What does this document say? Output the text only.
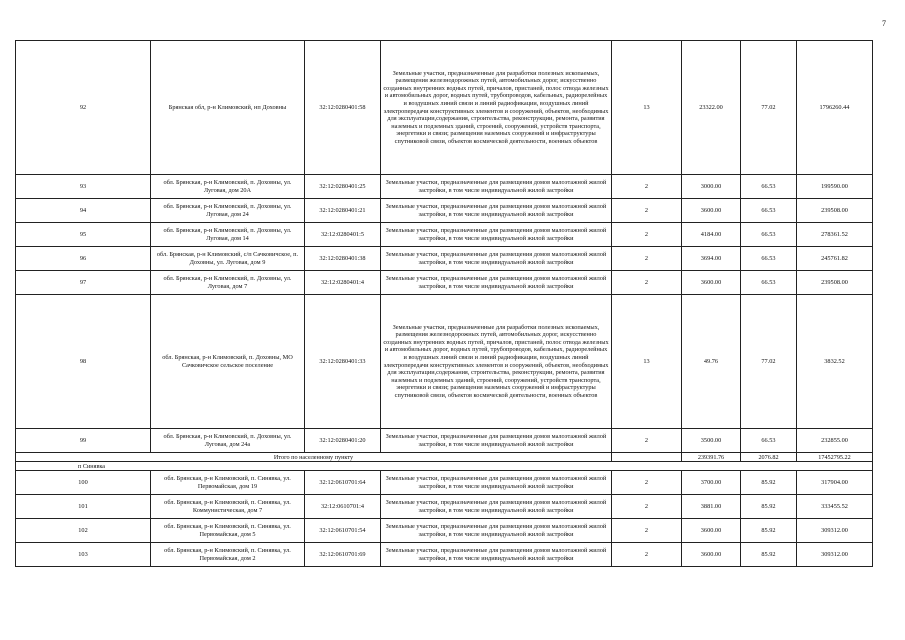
7
92	Брянская обл, р-н Климовский, нп Доховны	32:12:0280401:58	Земельные участки, предназначенные для разработки полезных ископаемых, размещения железнодорожных путей, автомобильных дорог, искусственно созданных внутренних водных путей, причалов, пристаней, полос отвода железных и автомобильных дорог, водных путей, трубопроводов, кабельных, радиорелейных и воздушных линий связи и линий радиофикации, воздушных линий электропередачи конструктивных элементов и сооружений, объектов, необходимых для эксплуатации,содержания, строительства, реконструкции, ремонта, развития наземных и подземных зданий, строений, сооружений, устройств транспорта, энергетики и связи; размещения наземных сооружений и инфраструктуры спутниковой связи, объектов космической деятельности, военных объектов	13	23322.00	77.02	1796260.44
93	обл. Брянская, р-н Климовский, п. Доховны, ул. Луговая, дом 20А	32:12:0280401:25	Земельные участки, предназначенные для размещения домов малоэтажной жилой застройки, в том числе индивидуальной жилой застройки	2	3000.00	66.53	199590.00
94	обл. Брянская, р-н Климовский, п. Доховны, ул. Луговая, дом 24	32:12:0280401:21	Земельные участки, предназначенные для размещения домов малоэтажной жилой застройки, в том числе индивидуальной жилой застройки	2	3600.00	66.53	239508.00
95	обл. Брянская, р-н Климовский, п. Доховны, ул. Луговая, дом 14	32:12:0280401:5	Земельные участки, предназначенные для размещения домов малоэтажной жилой застройки, в том числе индивидуальной жилой застройки	2	4184.00	66.53	278361.52
96	обл. Брянская, р-н Климовский, с/п Сачковичское, п. Доховны, ул. Луговая, дом 9	32:12:0280401:38	Земельные участки, предназначенные для размещения домов малоэтажной жилой застройки, в том числе индивидуальной жилой застройки	2	3694.00	66.53	245761.82
97	обл. Брянская, р-н Климовский, п. Доховны, ул. Луговая, дом 7	32:12:0280401:4	Земельные участки, предназначенные для размещения домов малоэтажной жилой застройки, в том числе индивидуальной жилой застройки	2	3600.00	66.53	239508.00
98	обл. Брянская, р-н Климовский, п. Доховны, МО Сачковичское сельское поселение	32:12:0280401:33	Земельные участки, предназначенные для разработки полезных ископаемых, размещения железнодорожных путей, автомобильных дорог, искусственно созданных внутренних водных путей, причалов, пристаней, полос отвода железных и автомобильных дорог, водных путей, трубопроводов, кабельных, радиорелейных и воздушных линий связи и линий радиофикации, воздушных линий электропередачи конструктивных элементов и сооружений, объектов, необходимых для эксплуатации,содержания, строительства, реконструкции, ремонта, развития наземных и подземных зданий, строений, сооружений, устройств транспорта, энергетики и связи; размещения наземных сооружений и инфраструктуры спутниковой связи, объектов космической деятельности, военных объектов	13	49.76	77.02	3832.52
99	обл. Брянская, р-н Климовский, п. Доховны, ул. Луговая, дом 24а	32:12:0280401:20	Земельные участки, предназначенные для размещения домов малоэтажной жилой застройки, в том числе индивидуальной жилой застройки	2	3500.00	66.53	232855.00
Итого по населенному пункту					239391.76	2076.82	17452795.22
п Синявка							
100	обл. Брянская, р-н Климовский, п. Синявка, ул. Первомайская, дом 19	32:12:0610701:64	Земельные участки, предназначенные для размещения домов малоэтажной жилой застройки, в том числе индивидуальной жилой застройки	2	3700.00	85.92	317904.00
101	обл. Брянская, р-н Климовский, п. Синявка, ул. Коммунистическая, дом 7	32:12:0610701:4	Земельные участки, предназначенные для размещения домов малоэтажной жилой застройки, в том числе индивидуальной жилой застройки	2	3881.00	85.92	333455.52
102	обл. Брянская, р-н Климовский, п. Синявка, ул. Первомайская, дом 5	32:12:0610701:54	Земельные участки, предназначенные для размещения домов малоэтажной жилой застройки, в том числе индивидуальной жилой застройки	2	3600.00	85.92	309312.00
103	обл. Брянская, р-н Климовский, п. Синявка, ул. Первомайская, дом 2	32:12:0610701:69	Земельные участки, предназначенные для размещения домов малоэтажной жилой застройки, в том числе индивидуальной жилой застройки	2	3600.00	85.92	309312.00
